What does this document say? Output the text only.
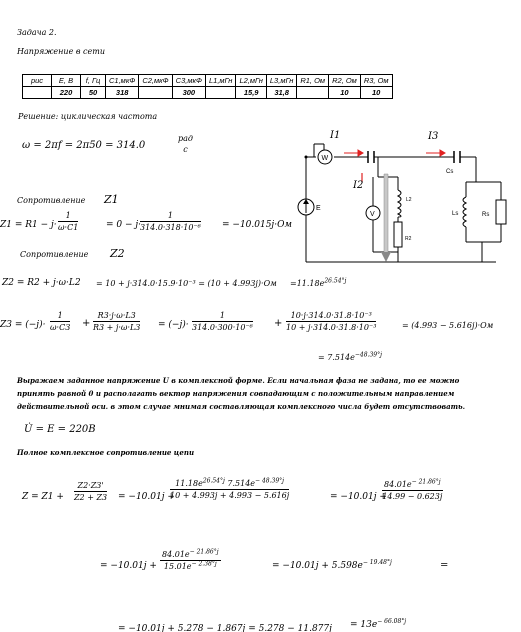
Задача 2.
Напряжение в сети
рис	E, В	f, Гц	C1,мкФ	C2,мкФ	C3,мкФ	L1,мГн	L2,мГн	L3,мГн	R1, Ом	R2, Ом	R3, Ом
	220	50	318		300		15,9	31,8		10	10
Решение: циклическая частота
ω = 2πf = 2π50 = 314.0
рад
с
Сопротивление Z1
$Z1 = R1 - j\cdot \frac{1}{\omega\cdot C1}$	= 0 − j·
$\frac{1}{\text{314.0·318·10⁻⁶}} = -10.015j\cdot Ом$
Сопротивление Z2
$Z2 = R2 + j\cdot\omega\cdot L2 = 10 + j\cdot 314.0\cdot 15.9\cdot 10^{-3} = (10 + 4.993j)\cdot Ом =11.18e^{26.54^\circ j}$
$Z3 = (-j)\cdot \frac{1}{\omega\cdot C3} + \frac{R3\cdot j\cdot\omega\cdot L3}{R3 + j\cdot\omega\cdot L3} = (-j)\cdot \frac{1}{\text{314.0·300·10⁻⁶}} + \frac{\text{10·j·314.0·31.8·10⁻³}}{\text{10 + j·314.0·31.8·10⁻³}}$	= (4.993 − 5.616j)·Ом
= $7.514e^{-48.39^\circ j}$
Выражаем заданное напряжение U в комплексной форме. Если начальная фаза не задана, то ее можно
принять равной 0 и располагать вектор напряжения совпадающим с положительным направлением
действительной оси. в этом случае мнимая составляющая комплексного числа будет отсутствовать.
U̇ = E = 220В
Полное комплексное сопротивление цепи
$Z = Z1 + \frac{Z2\cdot Z3'}{Z2 + Z3} = -10.01j$ +
$\frac{11.18e^{26.54^\circ j} 7.514e^{- 48.39^\circ j}}{10 + 4.993j + 4.993 - 5.616j}$	= −10.01j +
$\frac{84.01e^{- 21.86^\circ j}}{14.99 - 0.623j}$
= $-10.01j + \frac{84.01e^{- 21.86^\circ j}}{15.01e^{- 2.38^\circ j}}$	= $-10.01j + 5.598e^{- 19.48^\circ j}$	=
= $-10.01j + 5.278 - 1.867j = 5.278 - 11.877j = 13e^{- 66.08^\circ j}$
E
W
Cs
L2
R2
V	Ls	Rs
I1	I3
I2
